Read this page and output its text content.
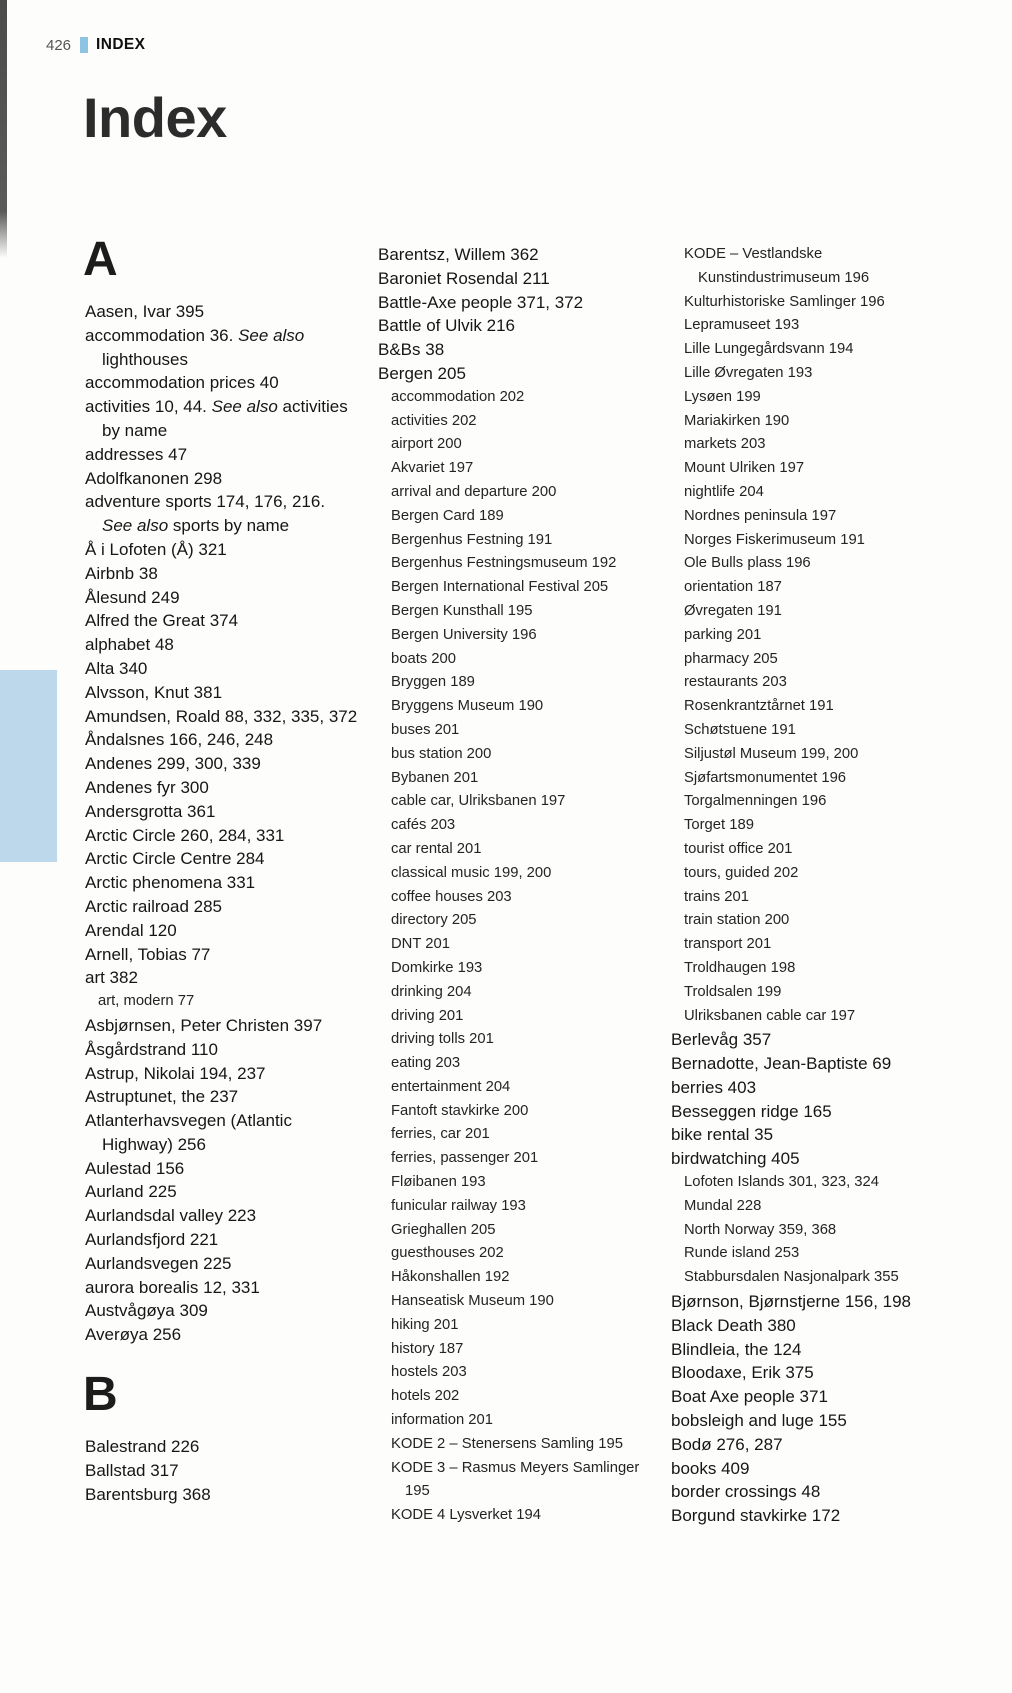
426 INDEX
Index
A
Aasen, Ivar 395
accommodation 36. See also lighthouses
accommodation prices 40
activities 10, 44. See also activities by name
addresses 47
Adolfkanonen 298
adventure sports 174, 176, 216. See also sports by name
Å i Lofoten (Å) 321
Airbnb 38
Ålesund 249
Alfred the Great 374
alphabet 48
Alta 340
Alvsson, Knut 381
Amundsen, Roald 88, 332, 335, 372
Åndalsnes 166, 246, 248
Andenes 299, 300, 339
Andenes fyr 300
Andersgrotta 361
Arctic Circle 260, 284, 331
Arctic Circle Centre 284
Arctic phenomena 331
Arctic railroad 285
Arendal 120
Arnell, Tobias 77
art 382
art, modern 77
Asbjørnsen, Peter Christen 397
Åsgårdstrand 110
Astrup, Nikolai 194, 237
Astruptunet, the 237
Atlanterhavsvegen (Atlantic Highway) 256
Aulestad 156
Aurland 225
Aurlandsdal valley 223
Aurlandsfjord 221
Aurlandsvegen 225
aurora borealis 12, 331
Austvågøya 309
Averøya 256
B
Balestrand 226
Ballstad 317
Barentsburg 368
Barentsz, Willem 362
Baroniet Rosendal 211
Battle-Axe people 371, 372
Battle of Ulvik 216
B&Bs 38
Bergen 205
accommodation 202
activities 202
airport 200
Akvariet 197
arrival and departure 200
Bergen Card 189
Bergenhus Festning 191
Bergenhus Festningsmuseum 192
Bergen International Festival 205
Bergen Kunsthall 195
Bergen University 196
boats 200
Bryggen 189
Bryggens Museum 190
buses 201
bus station 200
Bybanen 201
cable car, Ulriksbanen 197
cafés 203
car rental 201
classical music 199, 200
coffee houses 203
directory 205
DNT 201
Domkirke 193
drinking 204
driving 201
driving tolls 201
eating 203
entertainment 204
Fantoft stavkirke 200
ferries, car 201
ferries, passenger 201
Fløibanen 193
funicular railway 193
Grieghallen 205
guesthouses 202
Håkonshallen 192
Hanseatisk Museum 190
hiking 201
history 187
hostels 203
hotels 202
information 201
KODE 2 – Stenersens Samling 195
KODE 3 – Rasmus Meyers Samlinger 195
KODE 4 Lysverket 194
KODE – Vestlandske Kunstindustrimuseum 196
Kulturhistoriske Samlinger 196
Lepramuseet 193
Lille Lungegårdsvann 194
Lille Øvregaten 193
Lysøen 199
Mariakirken 190
markets 203
Mount Ulriken 197
nightlife 204
Nordnes peninsula 197
Norges Fiskerimuseum 191
Ole Bulls plass 196
orientation 187
Øvregaten 191
parking 201
pharmacy 205
restaurants 203
Rosenkrantztårnet 191
Schøtstuene 191
Siljustøl Museum 199, 200
Sjøfartsmonumentet 196
Torgalmenningen 196
Torget 189
tourist office 201
tours, guided 202
trains 201
train station 200
transport 201
Troldhaugen 198
Troldsalen 199
Ulriksbanen cable car 197
Berlevåg 357
Bernadotte, Jean-Baptiste 69
berries 403
Besseggen ridge 165
bike rental 35
birdwatching 405
Lofoten Islands 301, 323, 324
Mundal 228
North Norway 359, 368
Runde island 253
Stabbursdalen Nasjonalpark 355
Bjørnson, Bjørnstjerne 156, 198
Black Death 380
Blindleia, the 124
Bloodaxe, Erik 375
Boat Axe people 371
bobsleigh and luge 155
Bodø 276, 287
books 409
border crossings 48
Borgund stavkirke 172
